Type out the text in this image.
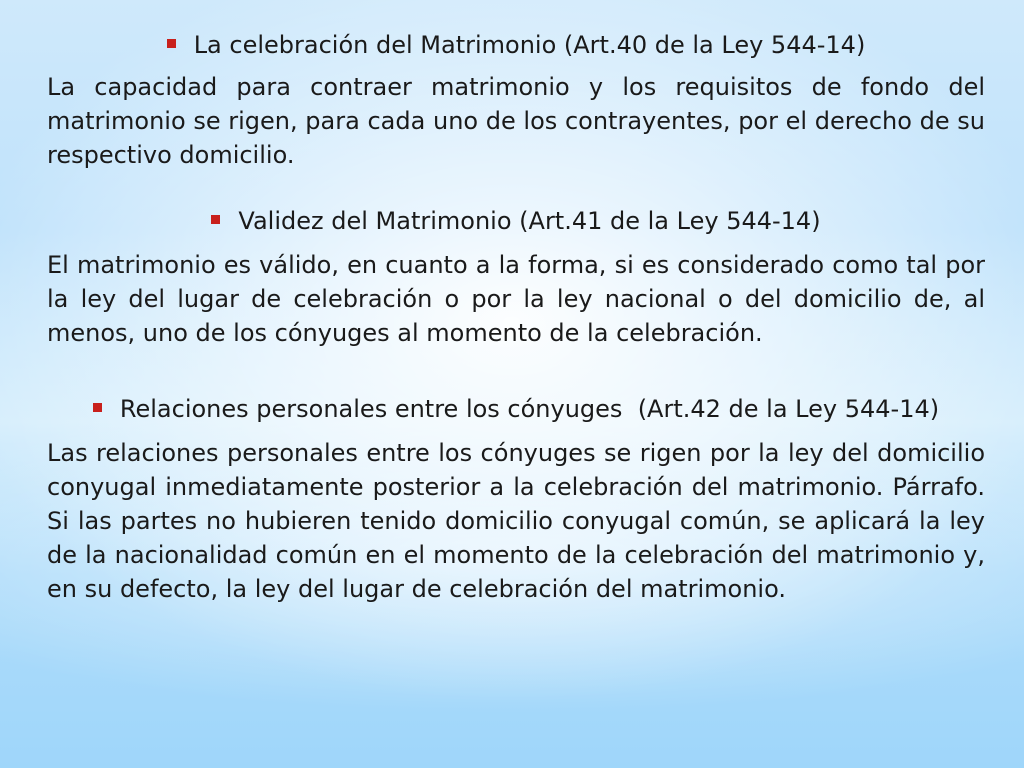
La celebración del Matrimonio (Art.40 de la Ley 544-14)

La capacidad para contraer matrimonio y los requisitos de fondo del matrimonio se rigen, para cada uno de los contrayentes, por el derecho de su respectivo domicilio.

Validez del Matrimonio (Art.41 de la Ley 544-14)

El matrimonio es válido, en cuanto a la forma, si es considerado como tal por la ley del lugar de celebración o por la ley nacional o del domicilio de, al menos, uno de los cónyuges al momento de la celebración.

Relaciones personales entre los cónyuges  (Art.42 de la Ley 544-14)

Las relaciones personales entre los cónyuges se rigen por la ley del domicilio conyugal inmediatamente posterior a la celebración del matrimonio. Párrafo. Si las partes no hubieren tenido domicilio conyugal común, se aplicará la ley de la nacionalidad común en el momento de la celebración del matrimonio y, en su defecto, la ley del lugar de celebración del matrimonio.
